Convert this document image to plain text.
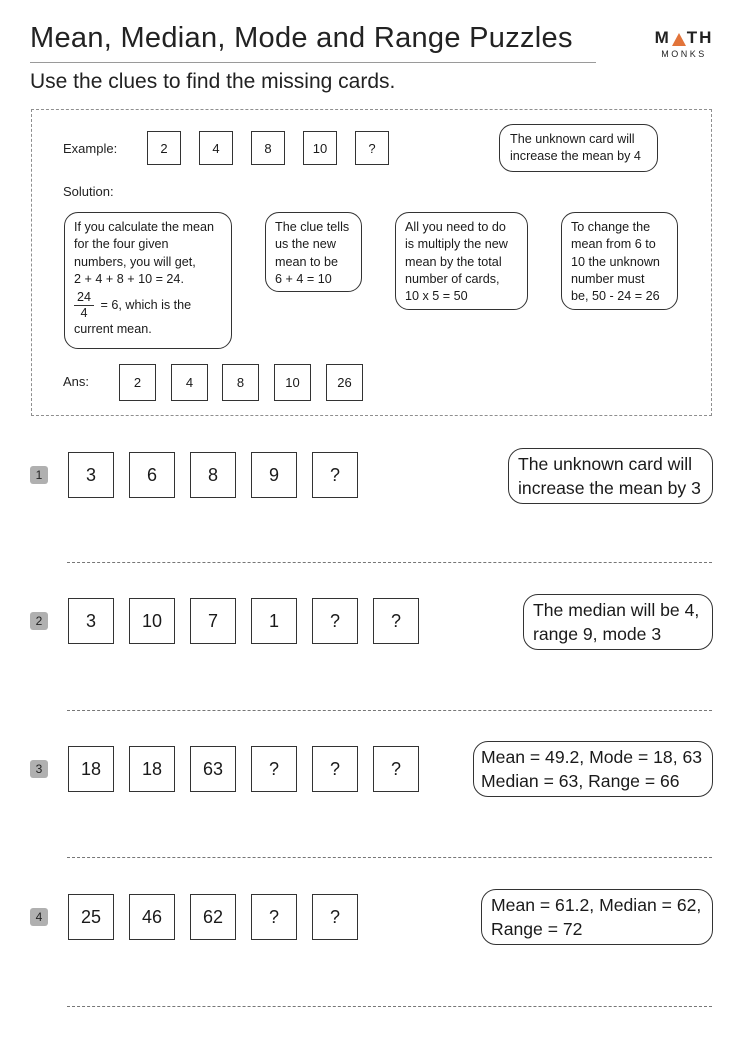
Mean, Median, Mode and Range Puzzles	M TH
MONKS
Use the clues to find the missing cards.
Example:	2	4	8	10	?

The unknown card will

increase the mean by 4

Solution:

If you calculate the mean

for the four given

numbers, you will get,

2 + 4 + 8 + 10 = 24.

$\frac{24}{4} = 6$, which is the

current mean.

The clue tells

us the new

mean to be

6 + 4 = 10

All you need to do

is multiply the new

mean by the total

number of cards,

10 x 5 = 50

To change the

mean from 6 to

10 the unknown

number must

be, 50 - 24 = 26

Ans:	2	4	8	10	26
1	3	6	8	9	?

The unknown card will

increase the mean by 3

2	3	10	7	1	?	?

The median will be 4,

range 9, mode 3

3	18	18	63	?	?	?

Mean = 49.2, Mode = 18, 63

Median = 63, Range = 66

4	25	46	62	?	?

Mean = 61.2, Median = 62,

Range = 72
